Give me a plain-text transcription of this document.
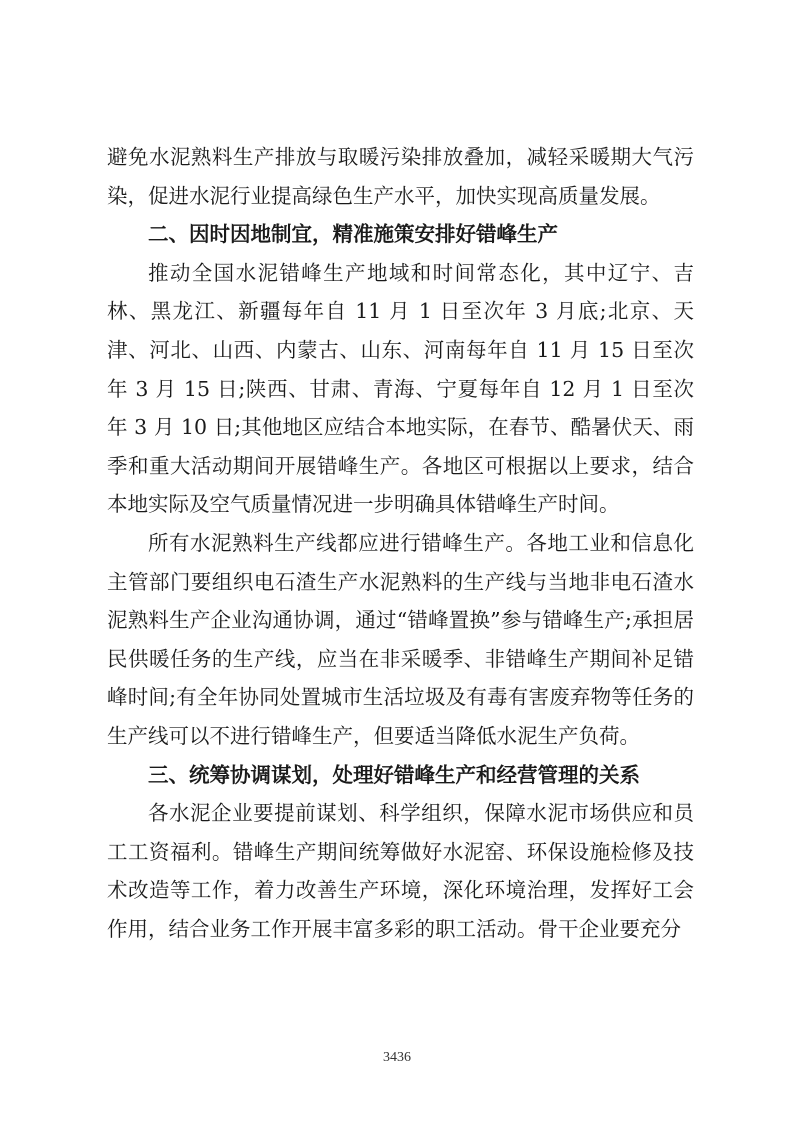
避免水泥熟料生产排放与取暖污染排放叠加，减轻采暖期大气污染，促进水泥行业提高绿色生产水平，加快实现高质量发展。

二、因时因地制宜，精准施策安排好错峰生产

推动全国水泥错峰生产地域和时间常态化，其中辽宁、吉林、黑龙江、新疆每年自 11 月 1 日至次年 3 月底;北京、天津、河北、山西、内蒙古、山东、河南每年自 11 月 15 日至次年 3 月 15 日;陕西、甘肃、青海、宁夏每年自 12 月 1 日至次年 3 月 10 日;其他地区应结合本地实际，在春节、酷暑伏天、雨季和重大活动期间开展错峰生产。各地区可根据以上要求，结合本地实际及空气质量情况进一步明确具体错峰生产时间。

所有水泥熟料生产线都应进行错峰生产。各地工业和信息化主管部门要组织电石渣生产水泥熟料的生产线与当地非电石渣水泥熟料生产企业沟通协调，通过“错峰置换”参与错峰生产;承担居民供暖任务的生产线，应当在非采暖季、非错峰生产期间补足错峰时间;有全年协同处置城市生活垃圾及有毒有害废弃物等任务的生产线可以不进行错峰生产，但要适当降低水泥生产负荷。

三、统筹协调谋划，处理好错峰生产和经营管理的关系

各水泥企业要提前谋划、科学组织，保障水泥市场供应和员工工资福利。错峰生产期间统筹做好水泥窑、环保设施检修及技术改造等工作，着力改善生产环境，深化环境治理，发挥好工会作用，结合业务工作开展丰富多彩的职工活动。骨干企业要充分

3436
